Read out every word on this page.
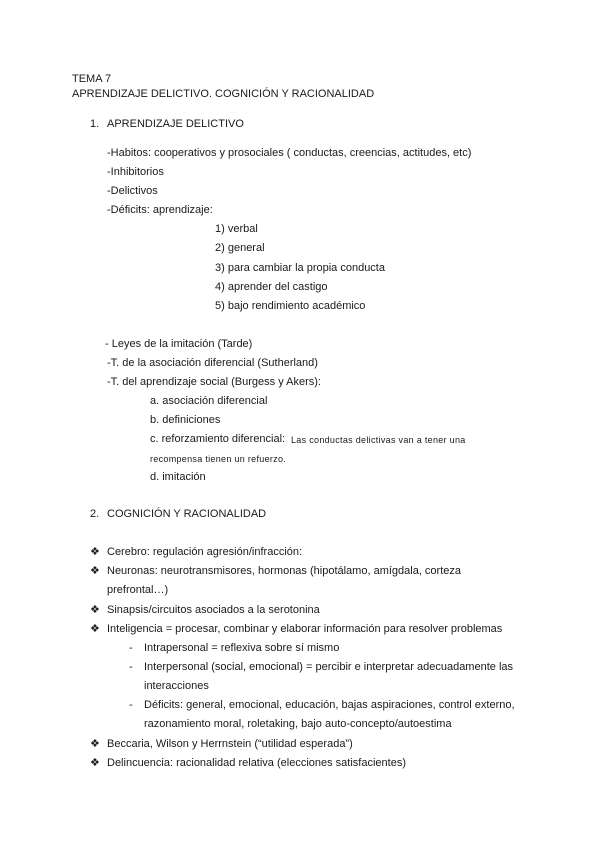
TEMA 7
APRENDIZAJE DELICTIVO. COGNICIÓN Y RACIONALIDAD
1. APRENDIZAJE DELICTIVO
-Habitos: cooperativos y prosociales ( conductas, creencias, actitudes, etc)
-Inhibitorios
-Delictivos
-Déficits: aprendizaje:
1) verbal
2) general
3) para cambiar la propia conducta
4) aprender del castigo
5) bajo rendimiento académico
- Leyes de la imitación (Tarde)
-T. de la asociación diferencial (Sutherland)
-T. del aprendizaje social (Burgess y Akers):
a. asociación diferencial
b. definiciones
c. reforzamiento diferencial: Las conductas delictivas van a tener una
recompensa tienen un refuerzo.
d. imitación
2. COGNICIÓN Y RACIONALIDAD
❖ Cerebro: regulación agresión/infracción:
❖ Neuronas: neurotransmisores, hormonas (hipotálamo, amígdala, corteza
prefrontal…)
❖ Sinapsis/circuitos asociados a la serotonina
❖ Inteligencia = procesar, combinar y elaborar información para resolver problemas
- Intrapersonal = reflexiva sobre sí mismo
- Interpersonal (social, emocional) = percibir e interpretar adecuadamente las
interacciones
- Déficits: general, emocional, educación, bajas aspiraciones, control externo,
razonamiento moral, roletaking, bajo auto-concepto/autoestima
❖ Beccaria, Wilson y Herrnstein (“utilidad esperada”)
❖ Delincuencia: racionalidad relativa (elecciones satisfacientes)
